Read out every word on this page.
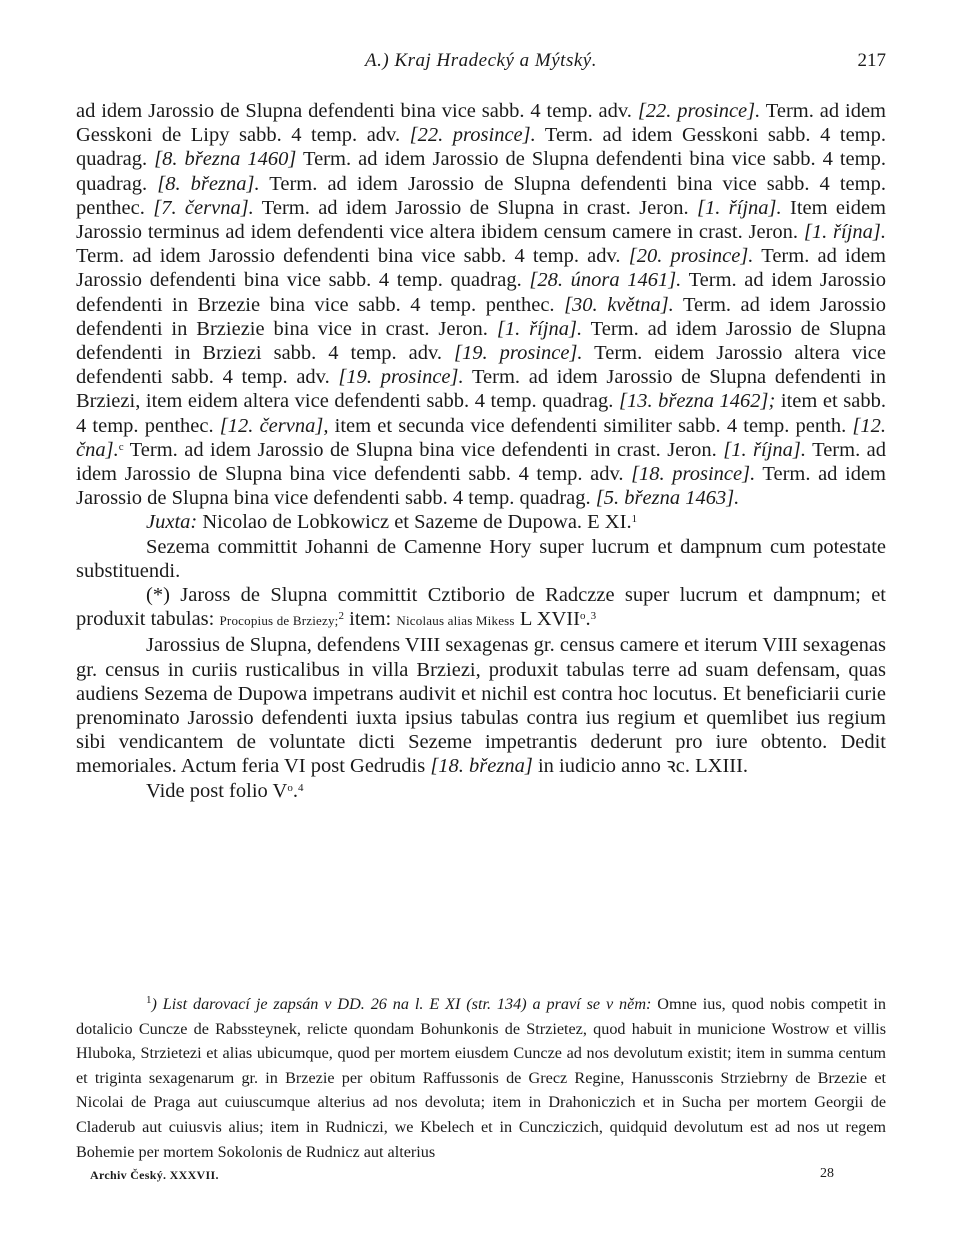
A.) Kraj Hradecký a Mýtský.	217

ad idem Jarossio de Slupna defendenti bina vice sabb. 4 temp. adv. [22. prosince]. Term. ad idem Gesskoni de Lipy sabb. 4 temp. adv. [22. prosince]. Term. ad idem Gesskoni sabb. 4 temp. quadrag. [8. března 1460] Term. ad idem Jarossio de Slupna defendenti bina vice sabb. 4 temp. quadrag. [8. března]. Term. ad idem Jarossio de Slupna defendenti bina vice sabb. 4 temp. penthec. [7. června]. Term. ad idem Jarossio de Slupna in crast. Jeron. [1. října]. Item eidem Jarossio terminus ad idem defendenti vice altera ibidem censum camere in crast. Jeron. [1. října]. Term. ad idem Jarossio defendenti bina vice sabb. 4 temp. adv. [20. prosince]. Term. ad idem Jarossio defendenti bina vice sabb. 4 temp. quadrag. [28. února 1461]. Term. ad idem Jarossio defendenti in Brzezie bina vice sabb. 4 temp. penthec. [30. května]. Term. ad idem Jarossio defendenti in Brziezie bina vice in crast. Jeron. [1. října]. Term. ad idem Jarossio de Slupna defendenti in Brziezi sabb. 4 temp. adv. [19. prosince]. Term. eidem Jarossio altera vice defendenti sabb. 4 temp. adv. [19. prosince]. Term. ad idem Jarossio de Slupna defendenti in Brziezi, item eidem altera vice defendenti sabb. 4 temp. quadrag. [13. března 1462]; item et sabb. 4 temp. penthec. [12. června], item et secunda vice defendenti similiter sabb. 4 temp. penth. [12. čna].$^c$ Term. ad idem Jarossio de Slupna bina vice defendenti in crast. Jeron. [1. října]. Term. ad idem Jarossio de Slupna bina vice defendenti sabb. 4 temp. adv. [18. prosince]. Term. ad idem Jarossio de Slupna bina vice defendenti sabb. 4 temp. quadrag. [5. března 1463].

Juxta: Nicolao de Lobkowicz et Sazeme de Dupowa. E XI.$^1$

Sezema committit Johanni de Camenne Hory super lucrum et dampnum cum potestate substituendi.

(*) Jaross de Slupna committit Cztiborio de Radczze super lucrum et dampnum; et produxit tabulas: Procopius de Brziezy;$^2$ item: Nicolaus alias Mikess L XVII$^o$.$^3$

Jarossius de Slupna, defendens VIII sexagenas gr. census camere et iterum VIII sexagenas gr. census in curiis rusticalibus in villa Brziezi, produxit tabulas terre ad suam defensam, quas audiens Sezema de Dupowa impetrans audivit et nichil est contra hoc locutus. Et beneficiarii curie prenominato Jarossio defendenti iuxta ipsius tabulas contra ius regium et quemlibet ius regium sibi vendicantem de voluntate dicti Sezeme impetrantis dederunt pro iure obtento. Dedit memoriales. Actum feria VI post Gedrudis [18. března] in iudicio anno ꝛc. LXIII.

Vide post folio $V^o.^4$

$^1$) List darovací je zapsán v DD. 26 na l. E XI (str. 134) a praví se v něm: Omne ius, quod nobis competit in dotalicio Cuncze de Rabssteynek, relicte quondam Bohunkonis de Strzietez, quod habuit in municione Wostrow et villis Hluboka, Strzietezi et alias ubicumque, quod per mortem eiusdem Cuncze ad nos devolutum existit; item in summa centum et triginta sexagenarum gr. in Brzezie per obitum Raffussonis de Grecz Regine, Hanussconis Strziebrny de Brzezie et Nicolai de Praga aut cuiuscumque alterius ad nos devoluta; item in Drahoniczich et in Sucha per mortem Georgii de Claderub aut cuiusvis alius; item in Rudniczi, we Kbelech et in Cuncziczich, quidquid devolutum est ad nos ut regem Bohemie per mortem Sokolonis de Rudnicz aut alterius

Archiv Český. XXXVII.	28
